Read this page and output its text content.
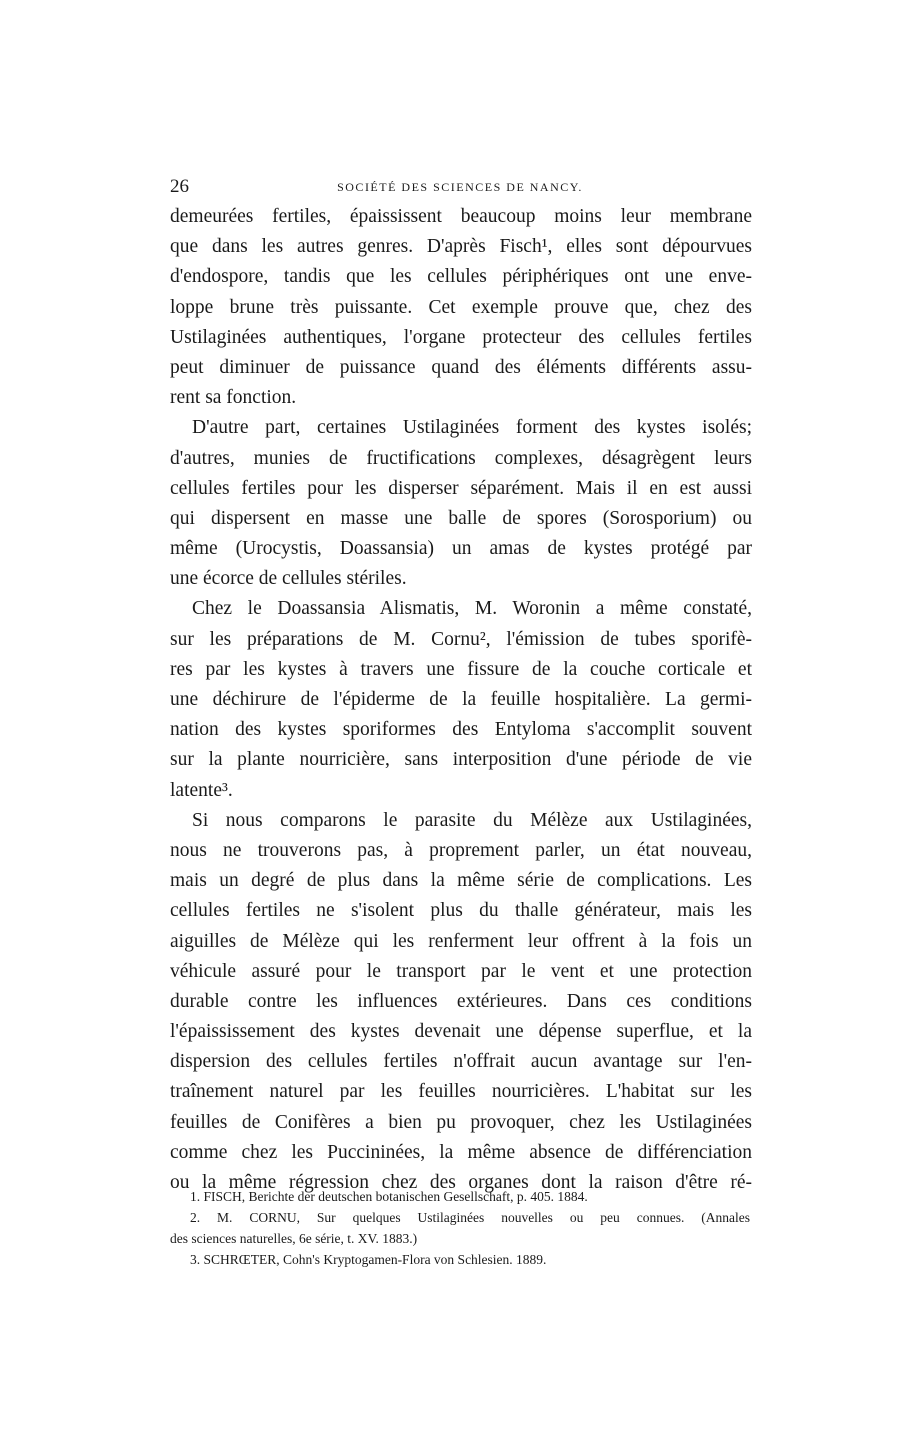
26	SOCIÉTÉ DES SCIENCES DE NANCY.
demeurées fertiles, épaississent beaucoup moins leur membrane
que dans les autres genres. D'après Fisch¹, elles sont dépourvues
d'endospore, tandis que les cellules périphériques ont une enve-
loppe brune très puissante. Cet exemple prouve que, chez des
Ustilaginées authentiques, l'organe protecteur des cellules fertiles
peut diminuer de puissance quand des éléments différents assu-
rent sa fonction.
D'autre part, certaines Ustilaginées forment des kystes isolés;
d'autres, munies de fructifications complexes, désagrègent leurs
cellules fertiles pour les disperser séparément. Mais il en est aussi
qui dispersent en masse une balle de spores (Sorosporium) ou
même (Urocystis, Doassansia) un amas de kystes protégé par
une écorce de cellules stériles.
Chez le Doassansia Alismatis, M. Woronin a même constaté,
sur les préparations de M. Cornu², l'émission de tubes sporifè-
res par les kystes à travers une fissure de la couche corticale et
une déchirure de l'épiderme de la feuille hospitalière. La germi-
nation des kystes sporiformes des Entyloma s'accomplit souvent
sur la plante nourricière, sans interposition d'une période de vie
latente³.
Si nous comparons le parasite du Mélèze aux Ustilaginées,
nous ne trouverons pas, à proprement parler, un état nouveau,
mais un degré de plus dans la même série de complications. Les
cellules fertiles ne s'isolent plus du thalle générateur, mais les
aiguilles de Mélèze qui les renferment leur offrent à la fois un
véhicule assuré pour le transport par le vent et une protection
durable contre les influences extérieures. Dans ces conditions
l'épaississement des kystes devenait une dépense superflue, et la
dispersion des cellules fertiles n'offrait aucun avantage sur l'en-
traînement naturel par les feuilles nourricières. L'habitat sur les
feuilles de Conifères a bien pu provoquer, chez les Ustilaginées
comme chez les Puccininées, la même absence de différenciation
ou la même régression chez des organes dont la raison d'être ré-
1. FISCH, Berichte der deutschen botanischen Gesellschaft, p. 405. 1884.
2. M. CORNU, Sur quelques Ustilaginées nouvelles ou peu connues. (Annales
des sciences naturelles, 6e série, t. XV. 1883.)
3. SCHRŒTER, Cohn's Kryptogamen-Flora von Schlesien. 1889.
